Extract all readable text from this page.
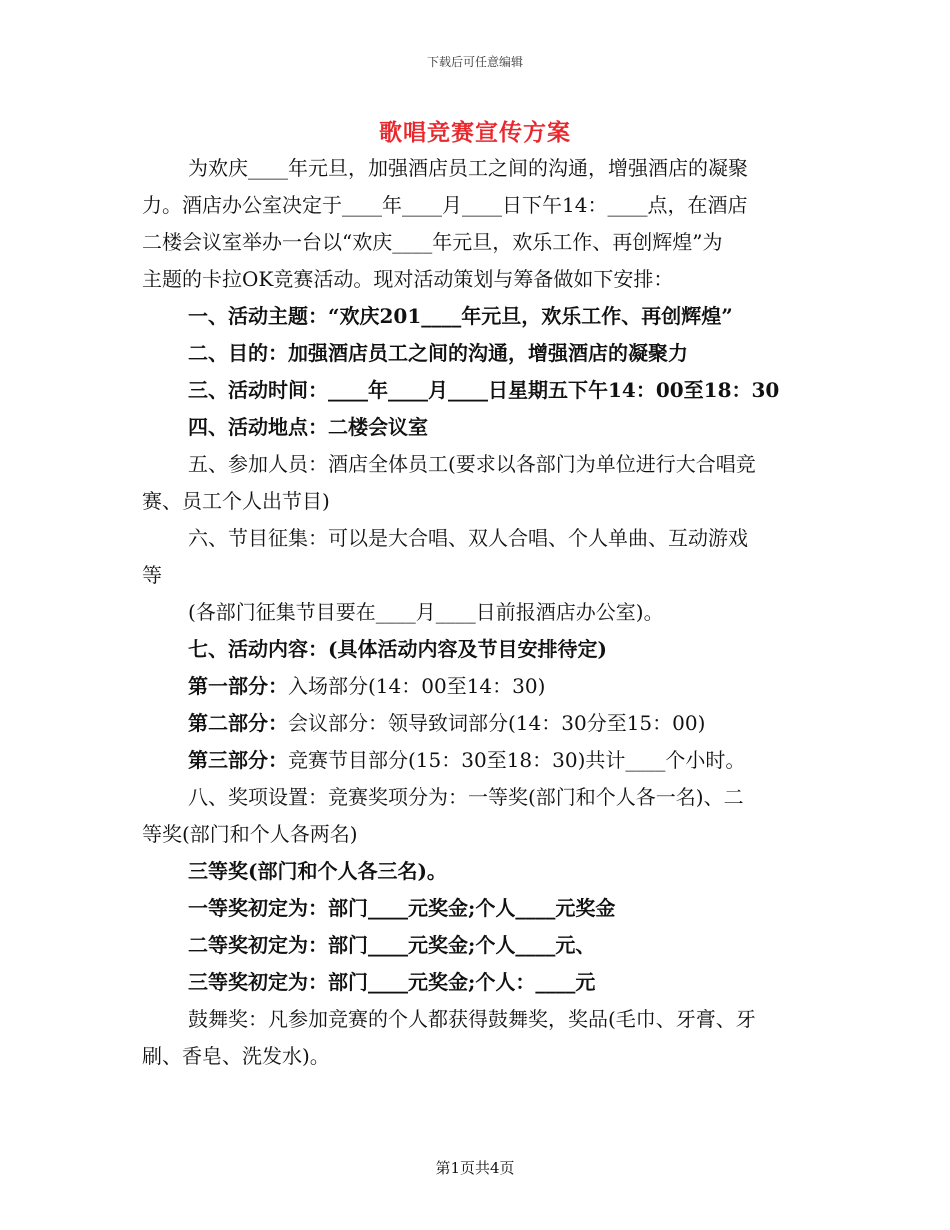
下载后可任意编辑
歌唱竞赛宣传方案

为欢庆____年元旦，加强酒店员工之间的沟通，增强酒店的凝聚

力。酒店办公室决定于____年____月____日下午14：____点，在酒店

二楼会议室举办一台以“欢庆____年元旦，欢乐工作、再创辉煌”为

主题的卡拉OK竞赛活动。现对活动策划与筹备做如下安排：

一、活动主题：“欢庆201____年元旦，欢乐工作、再创辉煌”

二、目的：加强酒店员工之间的沟通，增强酒店的凝聚力

三、活动时间：____年____月____日星期五下午14：00至18：30

四、活动地点：二楼会议室

五、参加人员：酒店全体员工(要求以各部门为单位进行大合唱竞

赛、员工个人出节目)

六、节目征集：可以是大合唱、双人合唱、个人单曲、互动游戏

等

(各部门征集节目要在____月____日前报酒店办公室)。

七、活动内容：(具体活动内容及节目安排待定)

第一部分：入场部分(14：00至14：30)

第二部分：会议部分：领导致词部分(14：30分至15：00)

第三部分：竞赛节目部分(15：30至18：30)共计____个小时。

八、奖项设置：竞赛奖项分为：一等奖(部门和个人各一名)、二

等奖(部门和个人各两名)

三等奖(部门和个人各三名)。

一等奖初定为：部门____元奖金;个人____元奖金

二等奖初定为：部门____元奖金;个人____元、

三等奖初定为：部门____元奖金;个人：____元

鼓舞奖：凡参加竞赛的个人都获得鼓舞奖，奖品(毛巾、牙膏、牙

刷、香皂、洗发水)。

第1页共4页
